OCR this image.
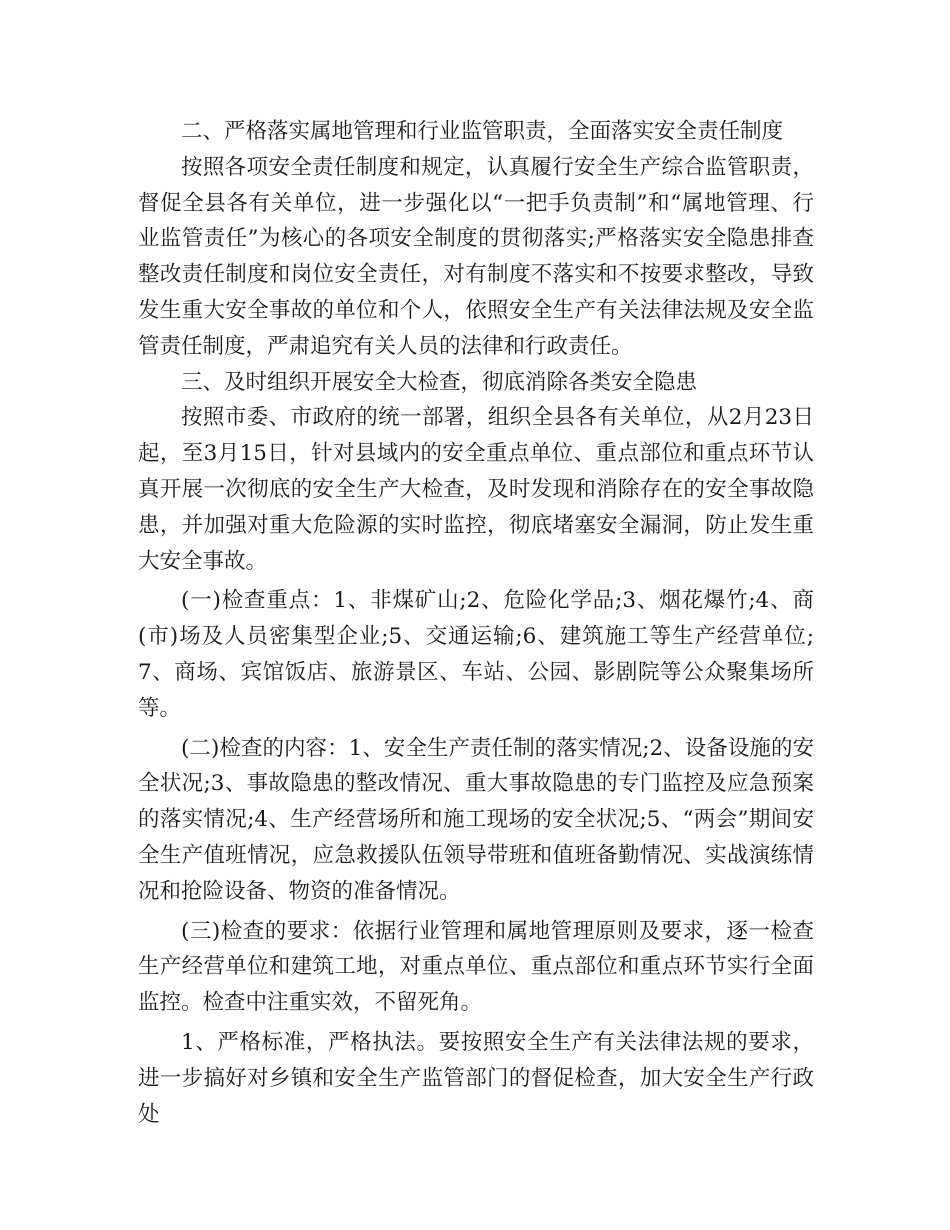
二、严格落实属地管理和行业监管职责，全面落实安全责任制度

按照各项安全责任制度和规定，认真履行安全生产综合监管职责，督促全县各有关单位，进一步强化以“一把手负责制”和“属地管理、行业监管责任”为核心的各项安全制度的贯彻落实;严格落实安全隐患排查整改责任制度和岗位安全责任，对有制度不落实和不按要求整改，导致发生重大安全事故的单位和个人，依照安全生产有关法律法规及安全监管责任制度，严肃追究有关人员的法律和行政责任。

三、及时组织开展安全大检查，彻底消除各类安全隐患

按照市委、市政府的统一部署，组织全县各有关单位，从2月23日起，至3月15日，针对县域内的安全重点单位、重点部位和重点环节认真开展一次彻底的安全生产大检查，及时发现和消除存在的安全事故隐患，并加强对重大危险源的实时监控，彻底堵塞安全漏洞，防止发生重大安全事故。

(一)检查重点：1、非煤矿山;2、危险化学品;3、烟花爆竹;4、商(市)场及人员密集型企业;5、交通运输;6、建筑施工等生产经营单位;7、商场、宾馆饭店、旅游景区、车站、公园、影剧院等公众聚集场所等。

(二)检查的内容：1、安全生产责任制的落实情况;2、设备设施的安全状况;3、事故隐患的整改情况、重大事故隐患的专门监控及应急预案的落实情况;4、生产经营场所和施工现场的安全状况;5、“两会”期间安全生产值班情况，应急救援队伍领导带班和值班备勤情况、实战演练情况和抢险设备、物资的准备情况。

(三)检查的要求：依据行业管理和属地管理原则及要求，逐一检查生产经营单位和建筑工地，对重点单位、重点部位和重点环节实行全面监控。检查中注重实效，不留死角。

1、严格标准，严格执法。要按照安全生产有关法律法规的要求，进一步搞好对乡镇和安全生产监管部门的督促检查，加大安全生产行政处
